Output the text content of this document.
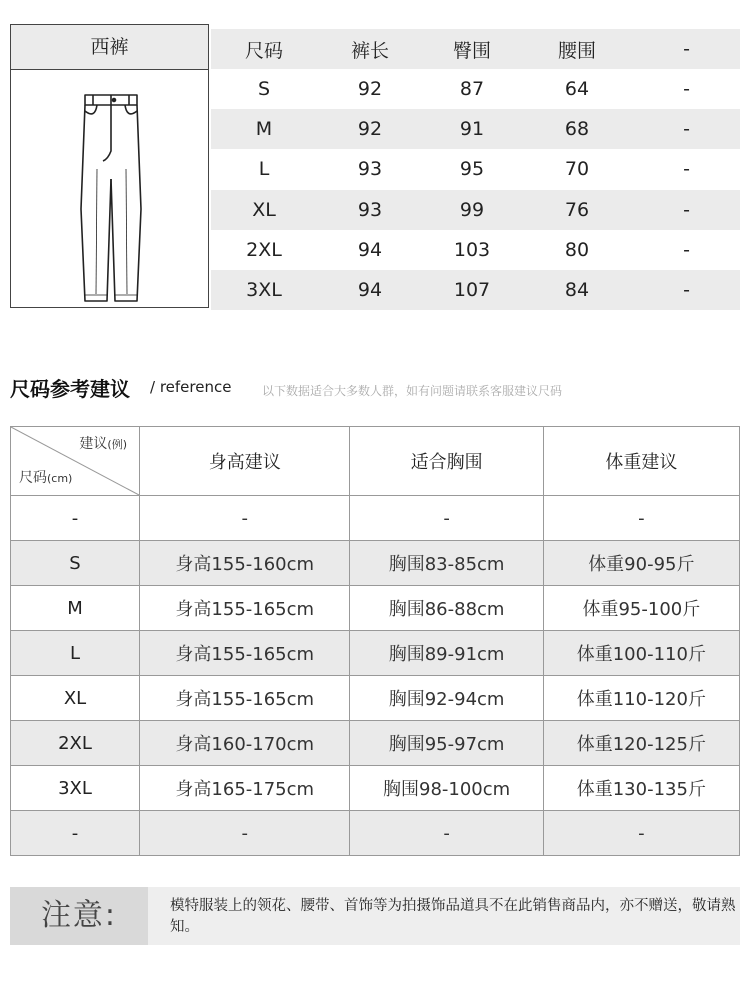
西裤	尺码	裤长	臀围	腰围	-
S	92	87	64	-
M	92	91	68	-
L	93	95	70	-
XL	93	99	76	-
2XL	94	103	80	-
3XL	94	107	84	-
尺码参考建议 / reference	以下数据适合大多数人群，如有问题请联系客服建议尺码
建议(例)
尺码(cm)	身高建议	适合胸围	体重建议
-	-	-	-
S	身高155-160cm	胸围83-85cm	体重90-95斤
M	身高155-165cm	胸围86-88cm	体重95-100斤
L	身高155-165cm	胸围89-91cm	体重100-110斤
XL	身高155-165cm	胸围92-94cm	体重110-120斤
2XL	身高160-170cm	胸围95-97cm	体重120-125斤
3XL	身高165-175cm	胸围98-100cm	体重130-135斤
-	-	-	-
注意:	模特服装上的领花、腰带、首饰等为拍摄饰品道具不在此销售商品内，亦不赠送，敬请熟知。
